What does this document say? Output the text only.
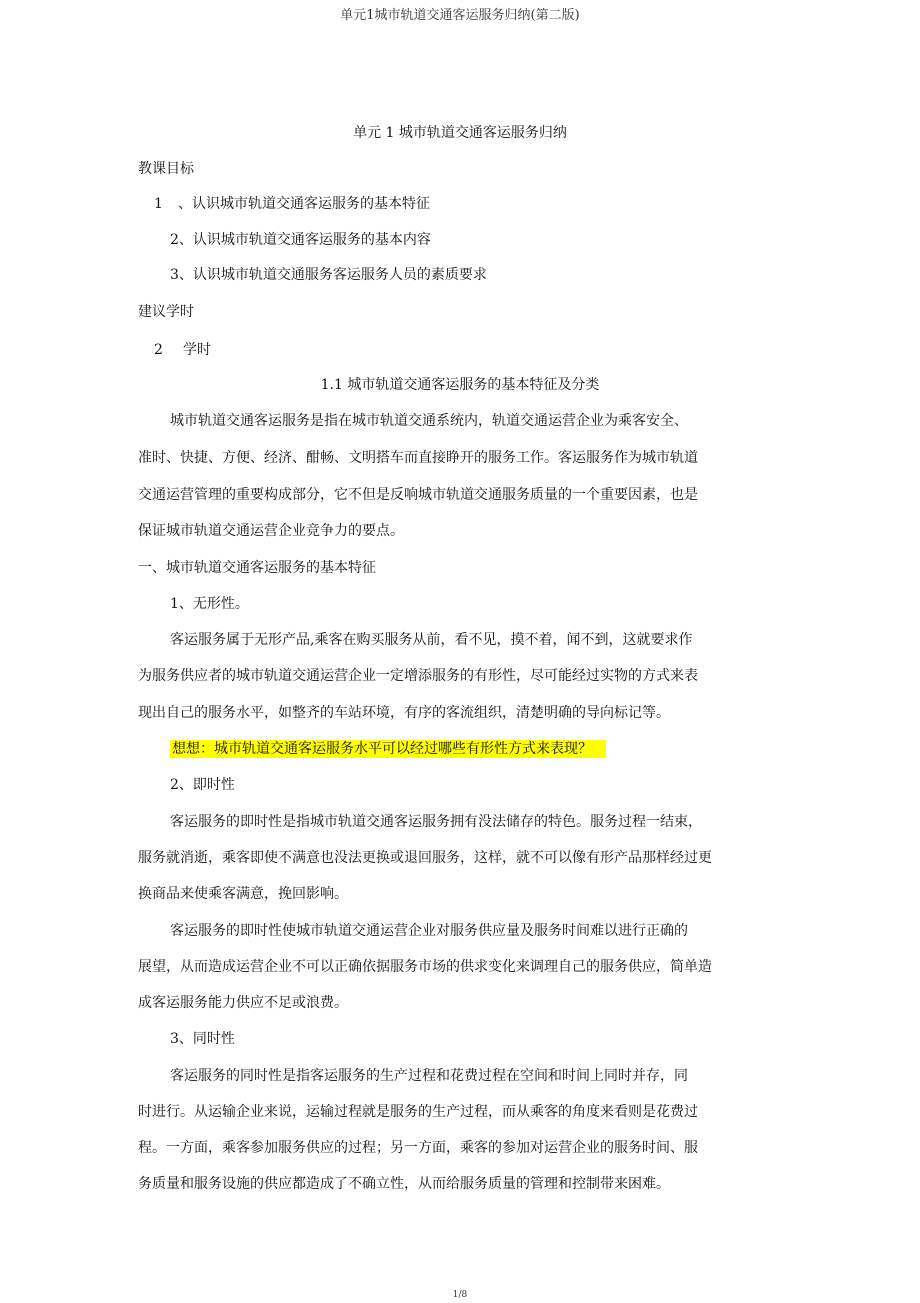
单元1城市轨道交通客运服务归纳(第二版)
单元 1 城市轨道交通客运服务归纳
教课目标
1 、认识城市轨道交通客运服务的基本特征
2、认识城市轨道交通客运服务的基本内容
3、认识城市轨道交通服务客运服务人员的素质要求
建议学时
2 学时
1.1 城市轨道交通客运服务的基本特征及分类
城市轨道交通客运服务是指在城市轨道交通系统内，轨道交通运营企业为乘客安全、
准时、快捷、方便、经济、酣畅、文明搭车而直接睁开的服务工作。客运服务作为城市轨道
交通运营管理的重要构成部分，它不但是反响城市轨道交通服务质量的一个重要因素，也是
保证城市轨道交通运营企业竞争力的要点。
一、城市轨道交通客运服务的基本特征
1、无形性。
客运服务属于无形产品,乘客在购买服务从前，看不见，摸不着，闻不到，这就要求作
为服务供应者的城市轨道交通运营企业一定增添服务的有形性，尽可能经过实物的方式来表
现出自己的服务水平，如整齐的车站环境，有序的客流组织，清楚明确的导向标记等。
想想：城市轨道交通客运服务水平可以经过哪些有形性方式来表现？
2、即时性
客运服务的即时性是指城市轨道交通客运服务拥有没法储存的特色。服务过程一结束，
服务就消逝，乘客即使不满意也没法更换或退回服务，这样，就不可以像有形产品那样经过更
换商品来使乘客满意，挽回影响。
客运服务的即时性使城市轨道交通运营企业对服务供应量及服务时间难以进行正确的
展望，从而造成运营企业不可以正确依据服务市场的供求变化来调理自己的服务供应，简单造
成客运服务能力供应不足或浪费。
3、同时性
客运服务的同时性是指客运服务的生产过程和花费过程在空间和时间上同时并存，同
时进行。从运输企业来说，运输过程就是服务的生产过程，而从乘客的角度来看则是花费过
程。一方面，乘客参加服务供应的过程；另一方面，乘客的参加对运营企业的服务时间、服
务质量和服务设施的供应都造成了不确立性，从而给服务质量的管理和控制带来困难。
1/8
